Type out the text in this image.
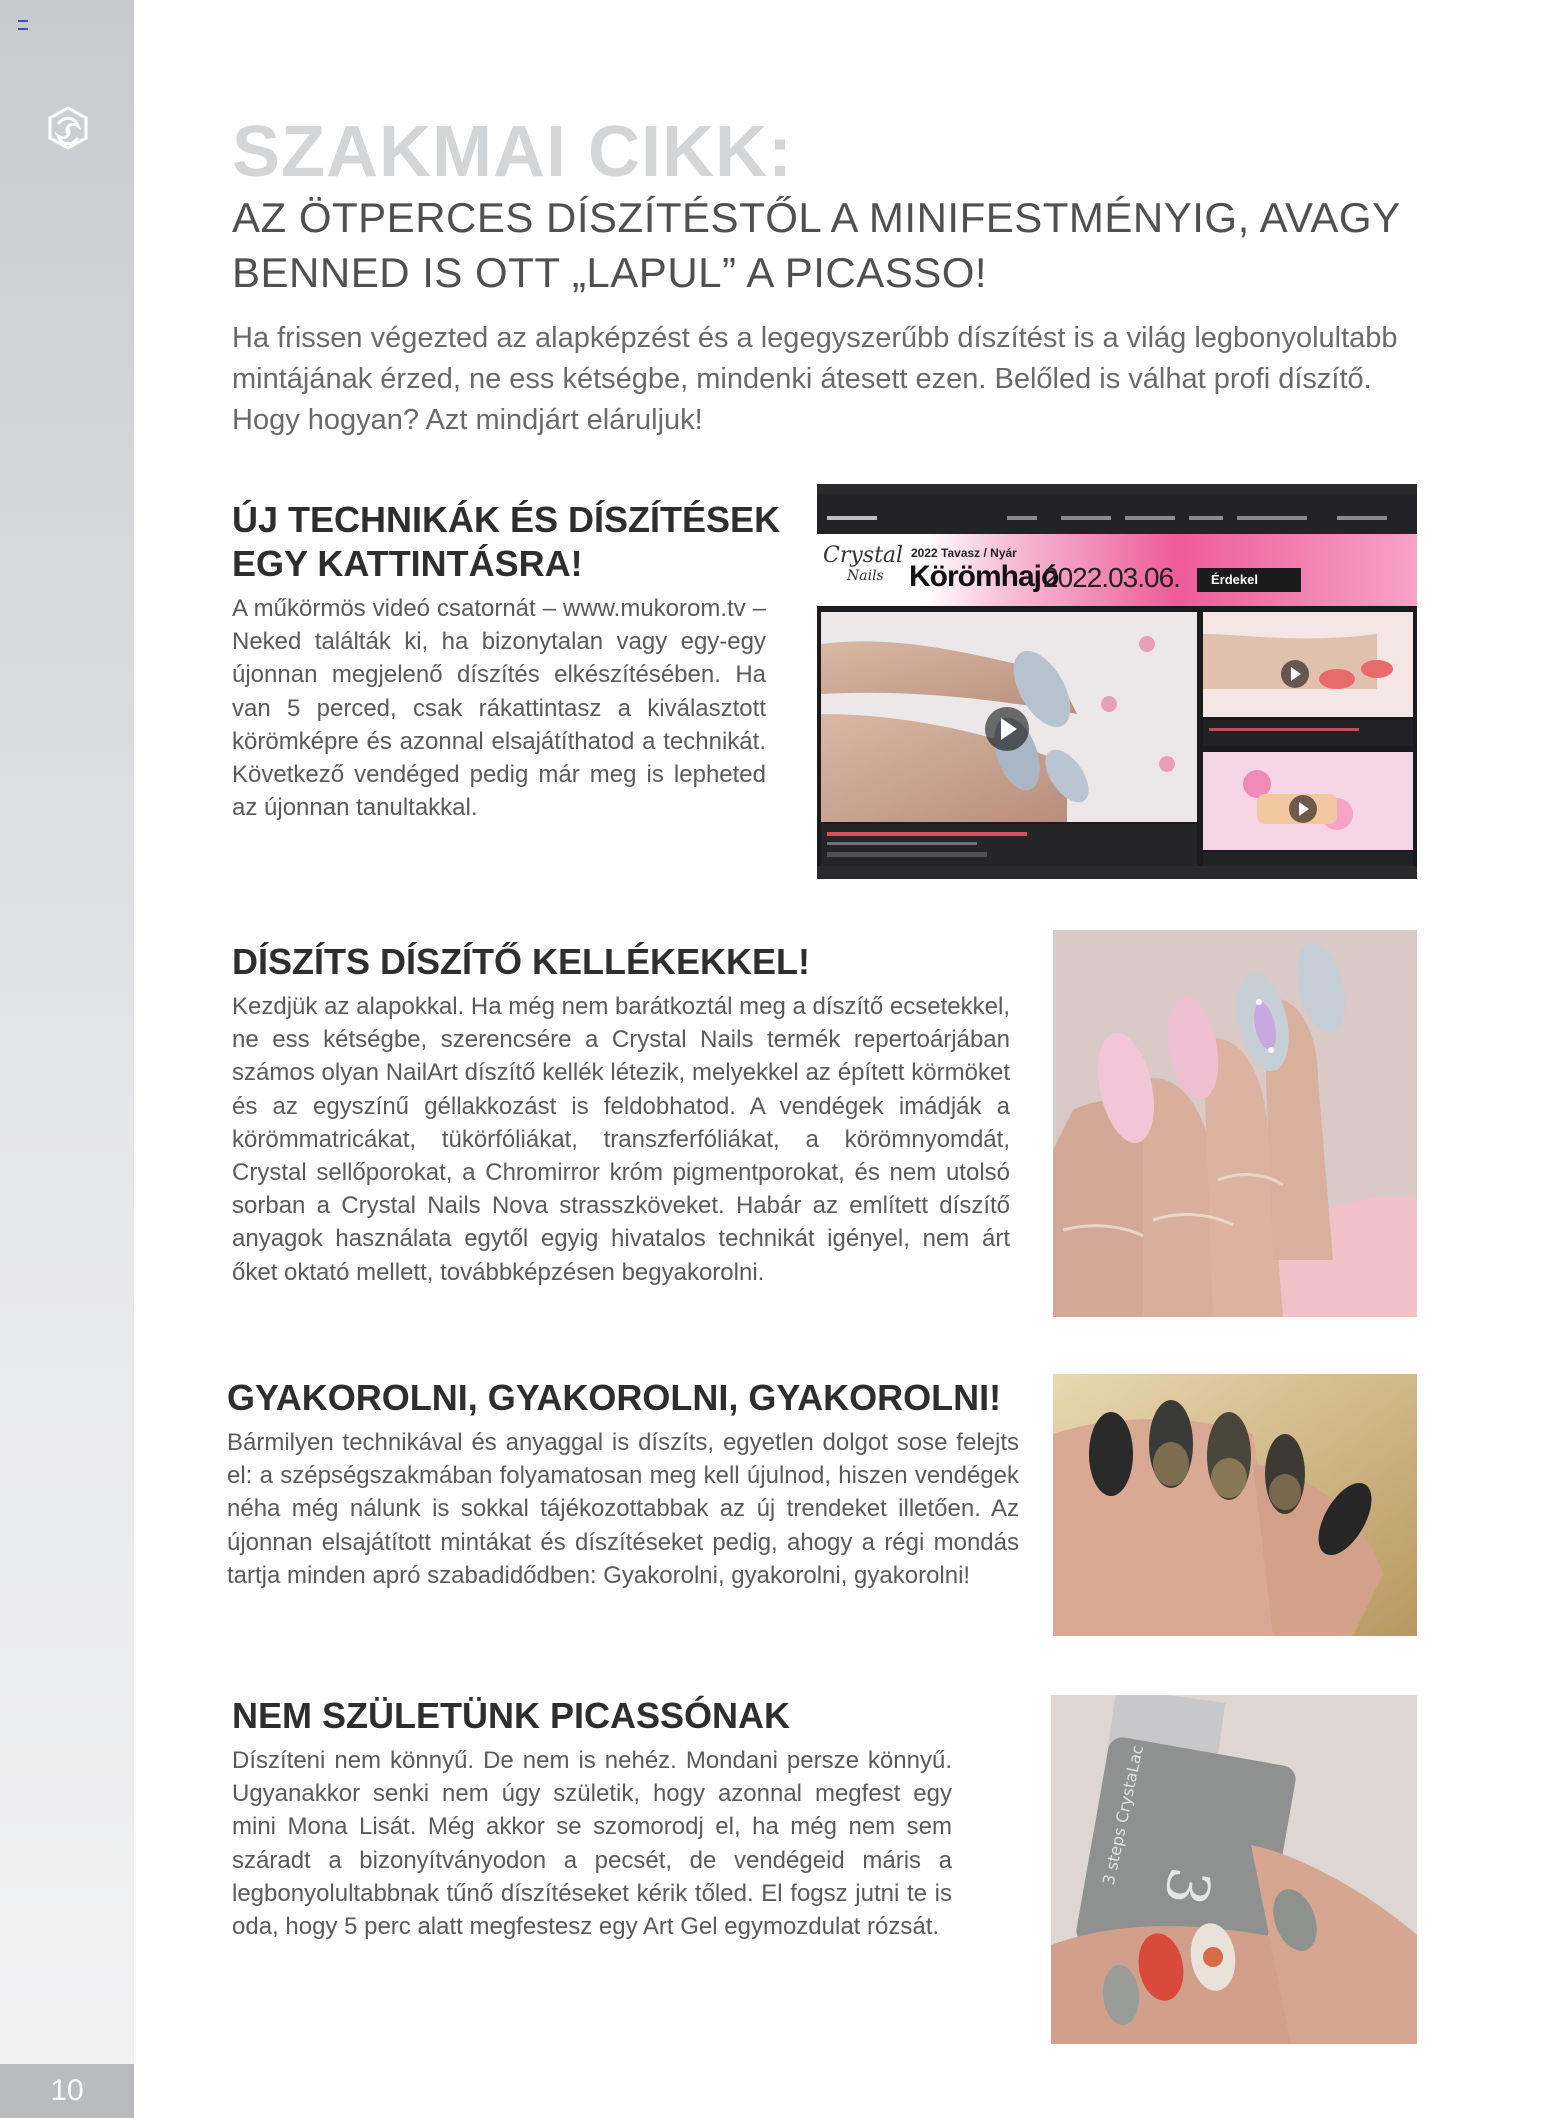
10
SZAKMAI CIKK:
AZ ÖTPERCES DÍSZÍTÉSTŐL A MINIFESTMÉNYIG, AVAGY
BENNED IS OTT „LAPUL” A PICASSO!

Ha frissen végezted az alapképzést és a legegyszerűbb díszítést is a világ legbonyolultabb mintájának érzed, ne ess kétségbe, mindenki átesett ezen. Belőled is válhat profi díszítő. Hogy hogyan? Azt mindjárt eláruljuk!

ÚJ TECHNIKÁK ÉS DÍSZÍTÉSEK
EGY KATTINTÁSRA!

A műkörmös videó csatornát – www.mukorom.tv – Neked találták ki, ha bizonytalan vagy egy-egy újonnan megjelenő díszítés elkészítésében. Ha van 5 perced, csak rákattintasz a kiválasztott körömképre és azonnal elsajátíthatod a technikát. Következő vendéged pedig már meg is lepheted az újonnan tanultakkal.

Crystal
Nails
2022 Tavasz / Nyár
Körömhajó
2022.03.06.	Érdekel
DÍSZÍTS DÍSZÍTŐ KELLÉKEKKEL!

Kezdjük az alapokkal. Ha még nem barátkoztál meg a díszítő ecsetekkel, ne ess kétségbe, szerencsére a Crystal Nails termék repertoárjában számos olyan NailArt díszítő kellék létezik, melyekkel az épített körmöket és az egyszínű géllakkozást is feldobhatod. A vendégek imádják a körömmatricákat, tükörfóliákat, transzferfóliákat, a körömnyomdát, Crystal sellőporokat, a Chromirror króm pigmentporokat, és nem utolsó sorban a Crystal Nails Nova strasszköveket. Habár az említett díszítő anyagok használata egytől egyig hivatalos technikát igényel, nem árt őket oktató mellett, továbbképzésen begyakorolni.

GYAKOROLNI, GYAKOROLNI, GYAKOROLNI!

Bármilyen technikával és anyaggal is díszíts, egyetlen dolgot sose felejts el: a szépségszakmában folyamatosan meg kell újulnod, hiszen vendégek néha még nálunk is sokkal tájékozottabbak az új trendeket illetően. Az újonnan elsajátított mintákat és díszítéseket pedig, ahogy a régi mondás tartja minden apró szabadidődben: Gyakorolni, gyakorolni, gyakorolni!

NEM SZÜLETÜNK PICASSÓNAK

Díszíteni nem könnyű. De nem is nehéz. Mondani persze könnyű. Ugyanakkor senki nem úgy születik, hogy azonnal megfest egy mini Mona Lisát. Még akkor se szomorodj el, ha még nem sem száradt a bizonyítványodon a pecsét, de vendégeid máris a legbonyolultabbnak tűnő díszítéseket kérik tőled. El fogsz jutni te is oda, hogy 5 perc alatt megfestesz egy Art Gel egymozdulat rózsát.

3
3 steps CrystaLac
